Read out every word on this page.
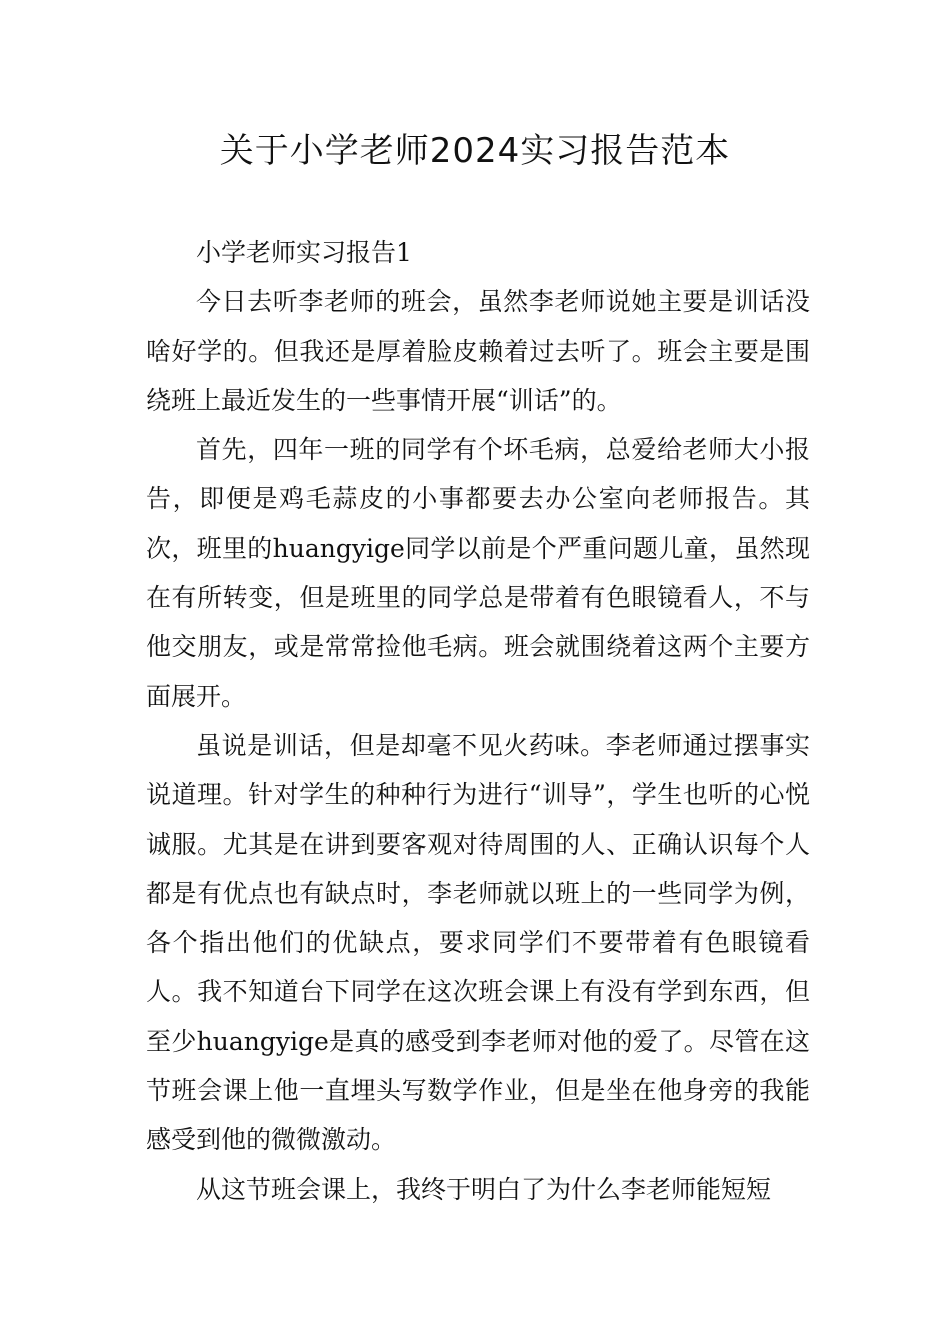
关于小学老师2024实习报告范本

小学老师实习报告1

今日去听李老师的班会，虽然李老师说她主要是训话没啥好学的。但我还是厚着脸皮赖着过去听了。班会主要是围绕班上最近发生的一些事情开展“训话”的。

首先，四年一班的同学有个坏毛病，总爱给老师大小报告，即便是鸡毛蒜皮的小事都要去办公室向老师报告。其次，班里的huangyige同学以前是个严重问题儿童，虽然现在有所转变，但是班里的同学总是带着有色眼镜看人，不与他交朋友，或是常常捡他毛病。班会就围绕着这两个主要方面展开。

虽说是训话，但是却毫不见火药味。李老师通过摆事实说道理。针对学生的种种行为进行“训导”，学生也听的心悦诚服。尤其是在讲到要客观对待周围的人、正确认识每个人都是有优点也有缺点时，李老师就以班上的一些同学为例，各个指出他们的优缺点，要求同学们不要带着有色眼镜看人。我不知道台下同学在这次班会课上有没有学到东西，但至少huangyige是真的感受到李老师对他的爱了。尽管在这节班会课上他一直埋头写数学作业，但是坐在他身旁的我能感受到他的微微激动。

从这节班会课上，我终于明白了为什么李老师能短短
